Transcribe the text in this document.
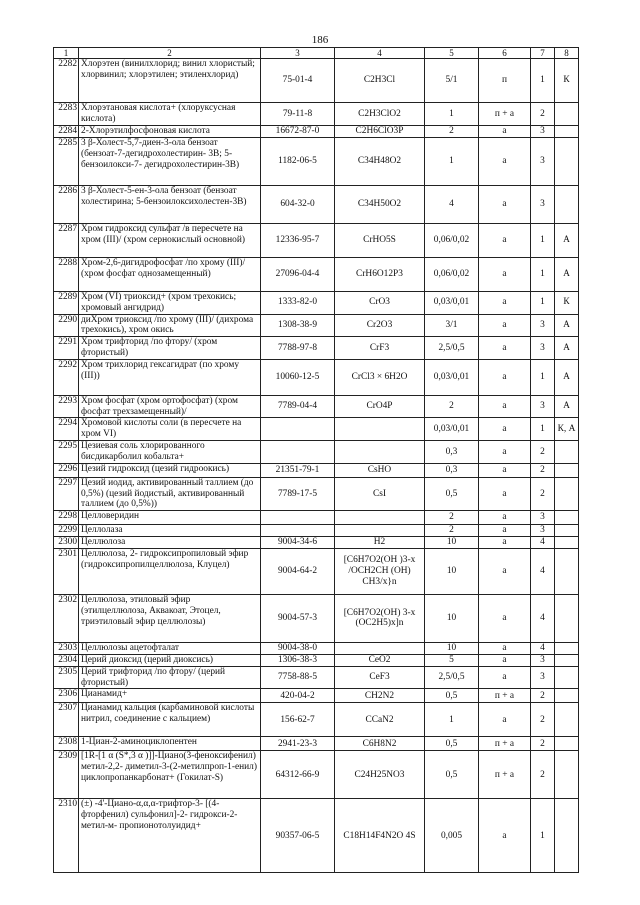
186
1	2	3	4	5	6	7	8
2282	Хлорэтен (винилхлорид; винил хлористый; хлорвинил; хлорэтилен; этиленхлорид)	75-01-4	C2H3Cl	5/1	п	1	К
2283	Хлорэтановая кислота+ (хлоруксусная кислота)	79-11-8	C2H3ClO2	1	п + а	2	
2284	2-Хлорэтилфосфоновая кислота	16672-87-0	C2H6ClO3P	2	а	3	
2285	3 β-Холест-5,7-диен-3-ола бензоат (бензоат-7-дегидрохолестирин- 3В; 5-бензоилокси-7- дегидрохолестирин-3В)	1182-06-5	C34H48O2	1	а	3	
2286	3 β-Холест-5-ен-3-ола бензоат (бензоат холестирина; 5-бензоилоксихолестен-3В)	604-32-0	C34H50O2	4	а	3	
2287	Хром гидроксид сульфат /в пересчете на хром (III)/ (хром сернокислый основной)	12336-95-7	CrHO5S	0,06/0,02	а	1	А
2288	Хром-2,6-дигидрофосфат /по хрому (III)/ (хром фосфат однозамещенный)	27096-04-4	CrH6O12P3	0,06/0,02	а	1	А
2289	Хром (VI) триоксид+ (хром трехокись; хромовый ангидрид)	1333-82-0	CrO3	0,03/0,01	а	1	К
2290	диХром триоксид /по хрому (III)/ (дихрома трехокись), хром окись	1308-38-9	Cr2O3	3/1	а	3	А
2291	Хром трифторид /по фтору/ (хром фтористый)	7788-97-8	CrF3	2,5/0,5	а	3	А
2292	Хром трихлорид гексагидрат (по хрому (III))	10060-12-5	CrCl3 × 6H2O	0,03/0,01	а	1	А
2293	Хром фосфат (хром ортофосфат) (хром фосфат трехзамещенный)/	7789-04-4	CrO4P	2	а	3	А
2294	Хромовой кислоты соли (в пересчете на хром VI)			0,03/0,01	а	1	К, А
2295	Цезиевая соль хлорированного бисдикарболил кобальта+			0,3	а	2	
2296	Цезий гидроксид (цезий гидроокись)	21351-79-1	CsHO	0,3	а	2	
2297	Цезий иодид, активированный таллием (до 0,5%) (цезий йодистый, активированный таллием (до 0,5%))	7789-17-5	CsI	0,5	а	2	
2298	Целловеридин			2	а	3	
2299	Целлолаза			2	а	3	
2300	Целлюлоза	9004-34-6	H2	10	а	4	
2301	Целлюлоза, 2- гидроксипропиловый эфир (гидроксипропилцеллюлоза, Клуцел)	9004-64-2	[C6H7O2(OH )3-x /OCH2CH (OH) CH3/x}n	10	а	4	
2302	Целлюлоза, этиловый эфир (этилцеллюлоза, Аквакоат, Этоцел, триэтиловый эфир целлюлозы)	9004-57-3	[C6H7O2(OH) 3-x (OC2H5)x]n	10	а	4	
2303	Целлюлозы ацетофталат	9004-38-0		10	а	4	
2304	Церий диоксид (церий диоксись)	1306-38-3	CeO2	5	а	3	
2305	Церий трифторид /по фтору/ (церий фтористый)	7758-88-5	CeF3	2,5/0,5	а	3	
2306	Цианамид+	420-04-2	CH2N2	0,5	п + а	2	
2307	Цианамид кальция (карбаминовой кислоты нитрил, соединение с кальцием)	156-62-7	CCaN2	1	а	2	
2308	1-Циан-2-аминоциклопентен	2941-23-3	C6H8N2	0,5	п + а	2	
2309	[1R-[1 α (S*,3 α )]]-Циано(3-феноксифенил) метил-2,2- диметил-3-(2-метилпроп-1-енил) циклопропанкарбонат+ (Гокилат-S)	64312-66-9	C24H25NO3	0,5	п + а	2	
2310	(±) -4'-Циано-α,α,α-трифтор-3- [(4-фторфенил) сульфонил]-2- гидрокси-2-метил-м- пропионотолуидид+	90357-06-5	C18H14F4N2O 4S	0,005	а	1	
